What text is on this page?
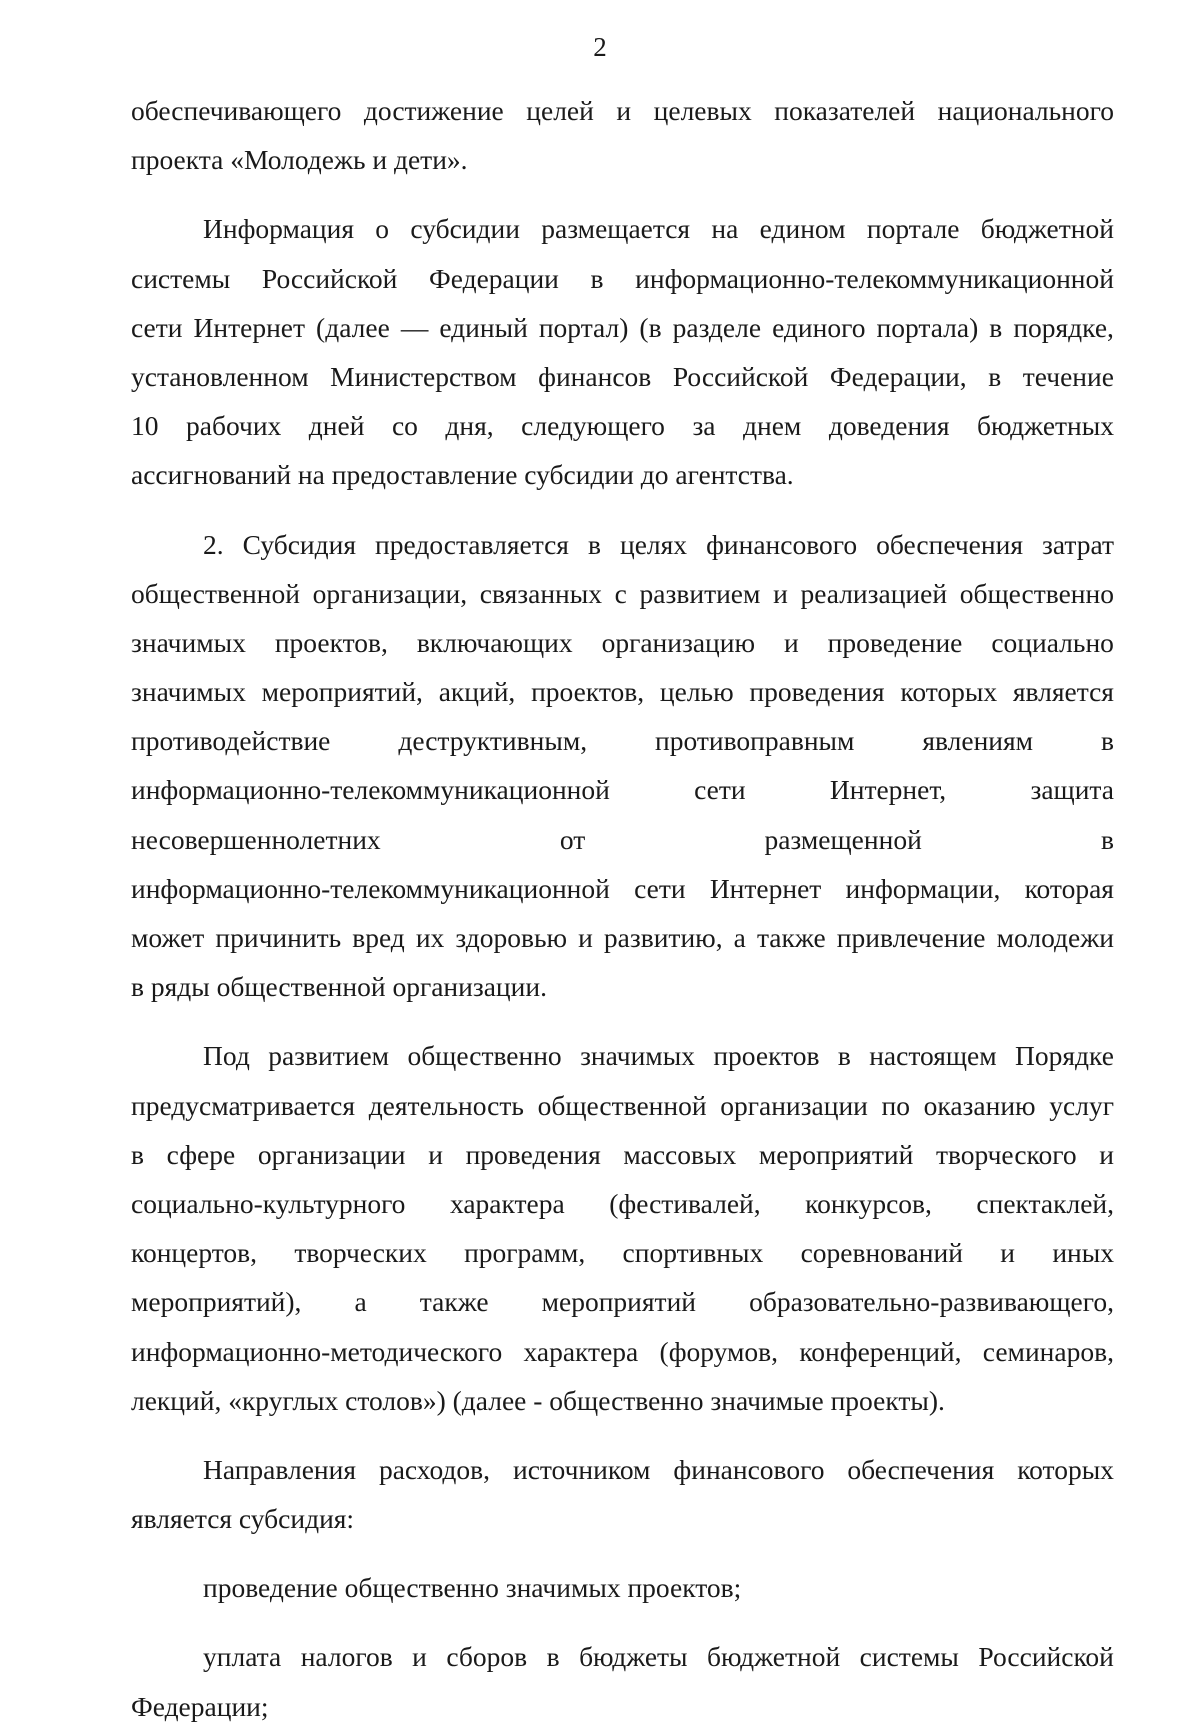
2
обеспечивающего достижение целей и целевых показателей национального
проекта «Молодежь и дети».
Информация о субсидии размещается на едином портале бюджетной
системы Российской Федерации в информационно-телекоммуникационной
сети Интернет (далее — единый портал) (в разделе единого портала) в порядке,
установленном Министерством финансов Российской Федерации, в течение
10 рабочих дней со дня, следующего за днем доведения бюджетных
ассигнований на предоставление субсидии до агентства.
2. Субсидия предоставляется в целях финансового обеспечения затрат
общественной организации, связанных с развитием и реализацией общественно
значимых проектов, включающих организацию и проведение социально
значимых мероприятий, акций, проектов, целью проведения которых является
противодействие деструктивным, противоправным явлениям в
информационно-телекоммуникационной	сети	Интернет,	защита
несовершеннолетних	от	размещенной	в
информационно-телекоммуникационной сети Интернет информации, которая
может причинить вред их здоровью и развитию, а также привлечение молодежи
в ряды общественной организации.
Под развитием общественно значимых проектов в настоящем Порядке
предусматривается деятельность общественной организации по оказанию услуг
в сфере организации и проведения массовых мероприятий творческого и
социально-культурного характера (фестивалей, конкурсов, спектаклей,
концертов, творческих программ, спортивных соревнований и иных
мероприятий), а также мероприятий образовательно-развивающего,
информационно-методического характера (форумов, конференций, семинаров,
лекций, «круглых столов») (далее - общественно значимые проекты).
Направления расходов, источником финансового обеспечения которых
является субсидия:
проведение общественно значимых проектов;
уплата налогов и сборов в бюджеты бюджетной системы Российской
Федерации;
